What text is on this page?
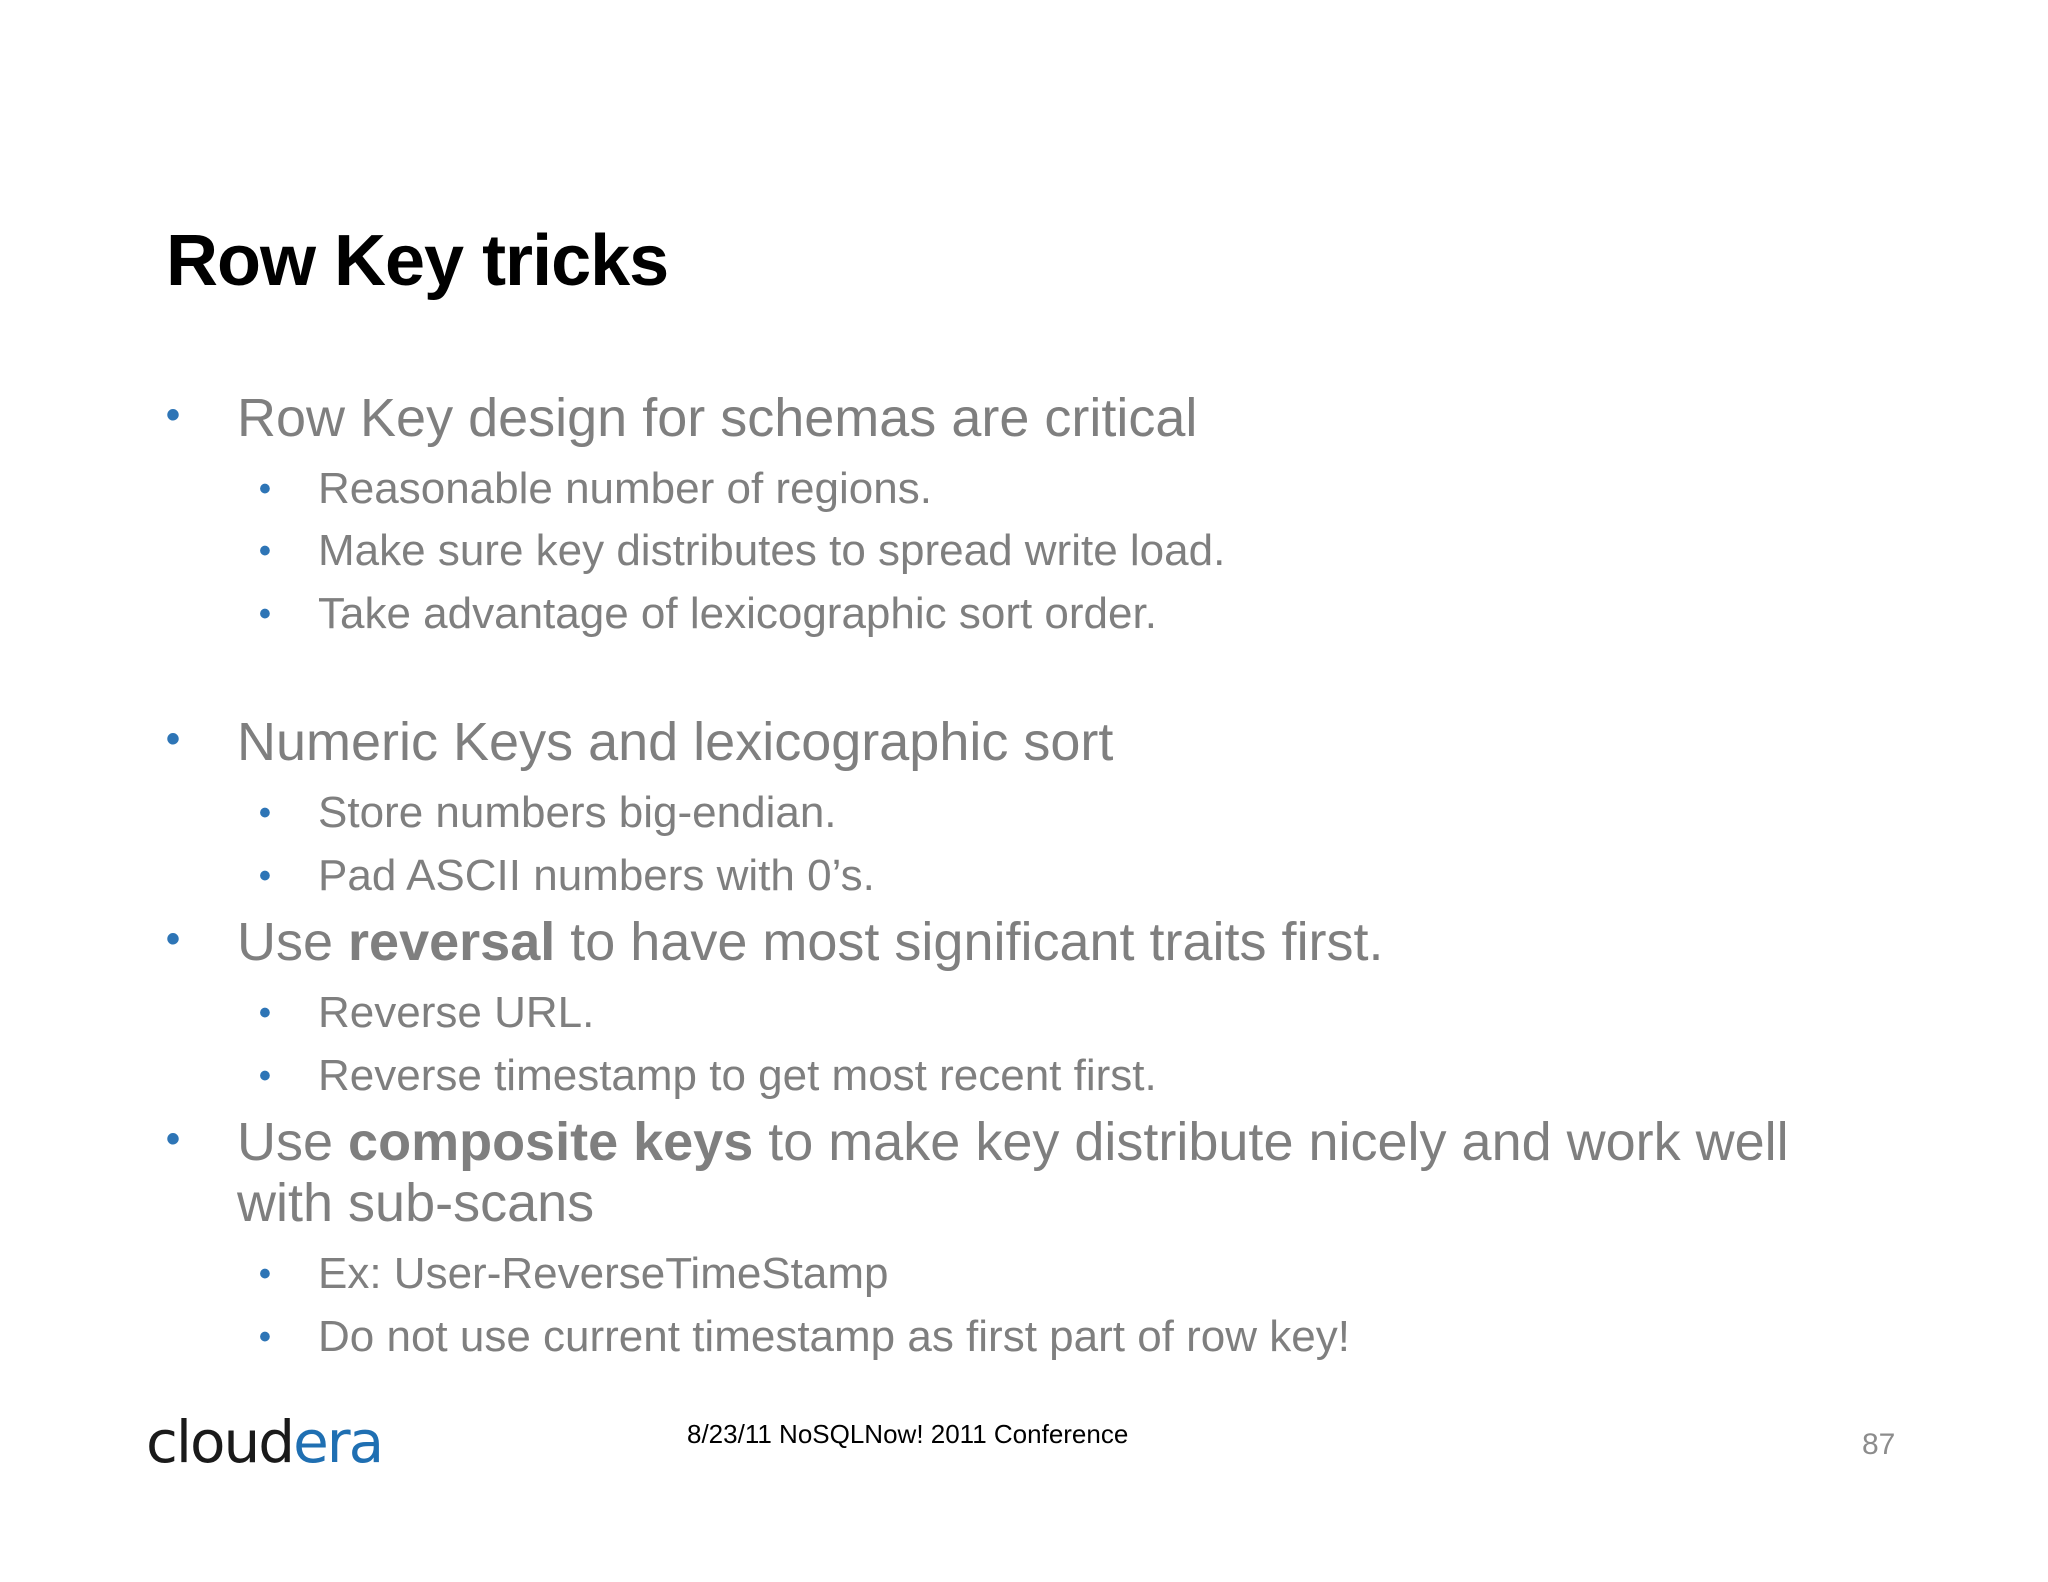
Row Key tricks
• Row Key design for schemas are critical
• Reasonable number of regions.
• Make sure key distributes to spread write load.
• Take advantage of lexicographic sort order.
• Numeric Keys and lexicographic sort
• Store numbers big-endian.
• Pad ASCII numbers with 0’s.
• Use reversal to have most significant traits first.
• Reverse URL.
• Reverse timestamp to get most recent first.
• Use composite keys to make key distribute nicely and work well
with sub-scans
• Ex: User-ReverseTimeStamp
• Do not use current timestamp as first part of row key!
cloudera	8/23/11 NoSQLNow! 2011 Conference	87
